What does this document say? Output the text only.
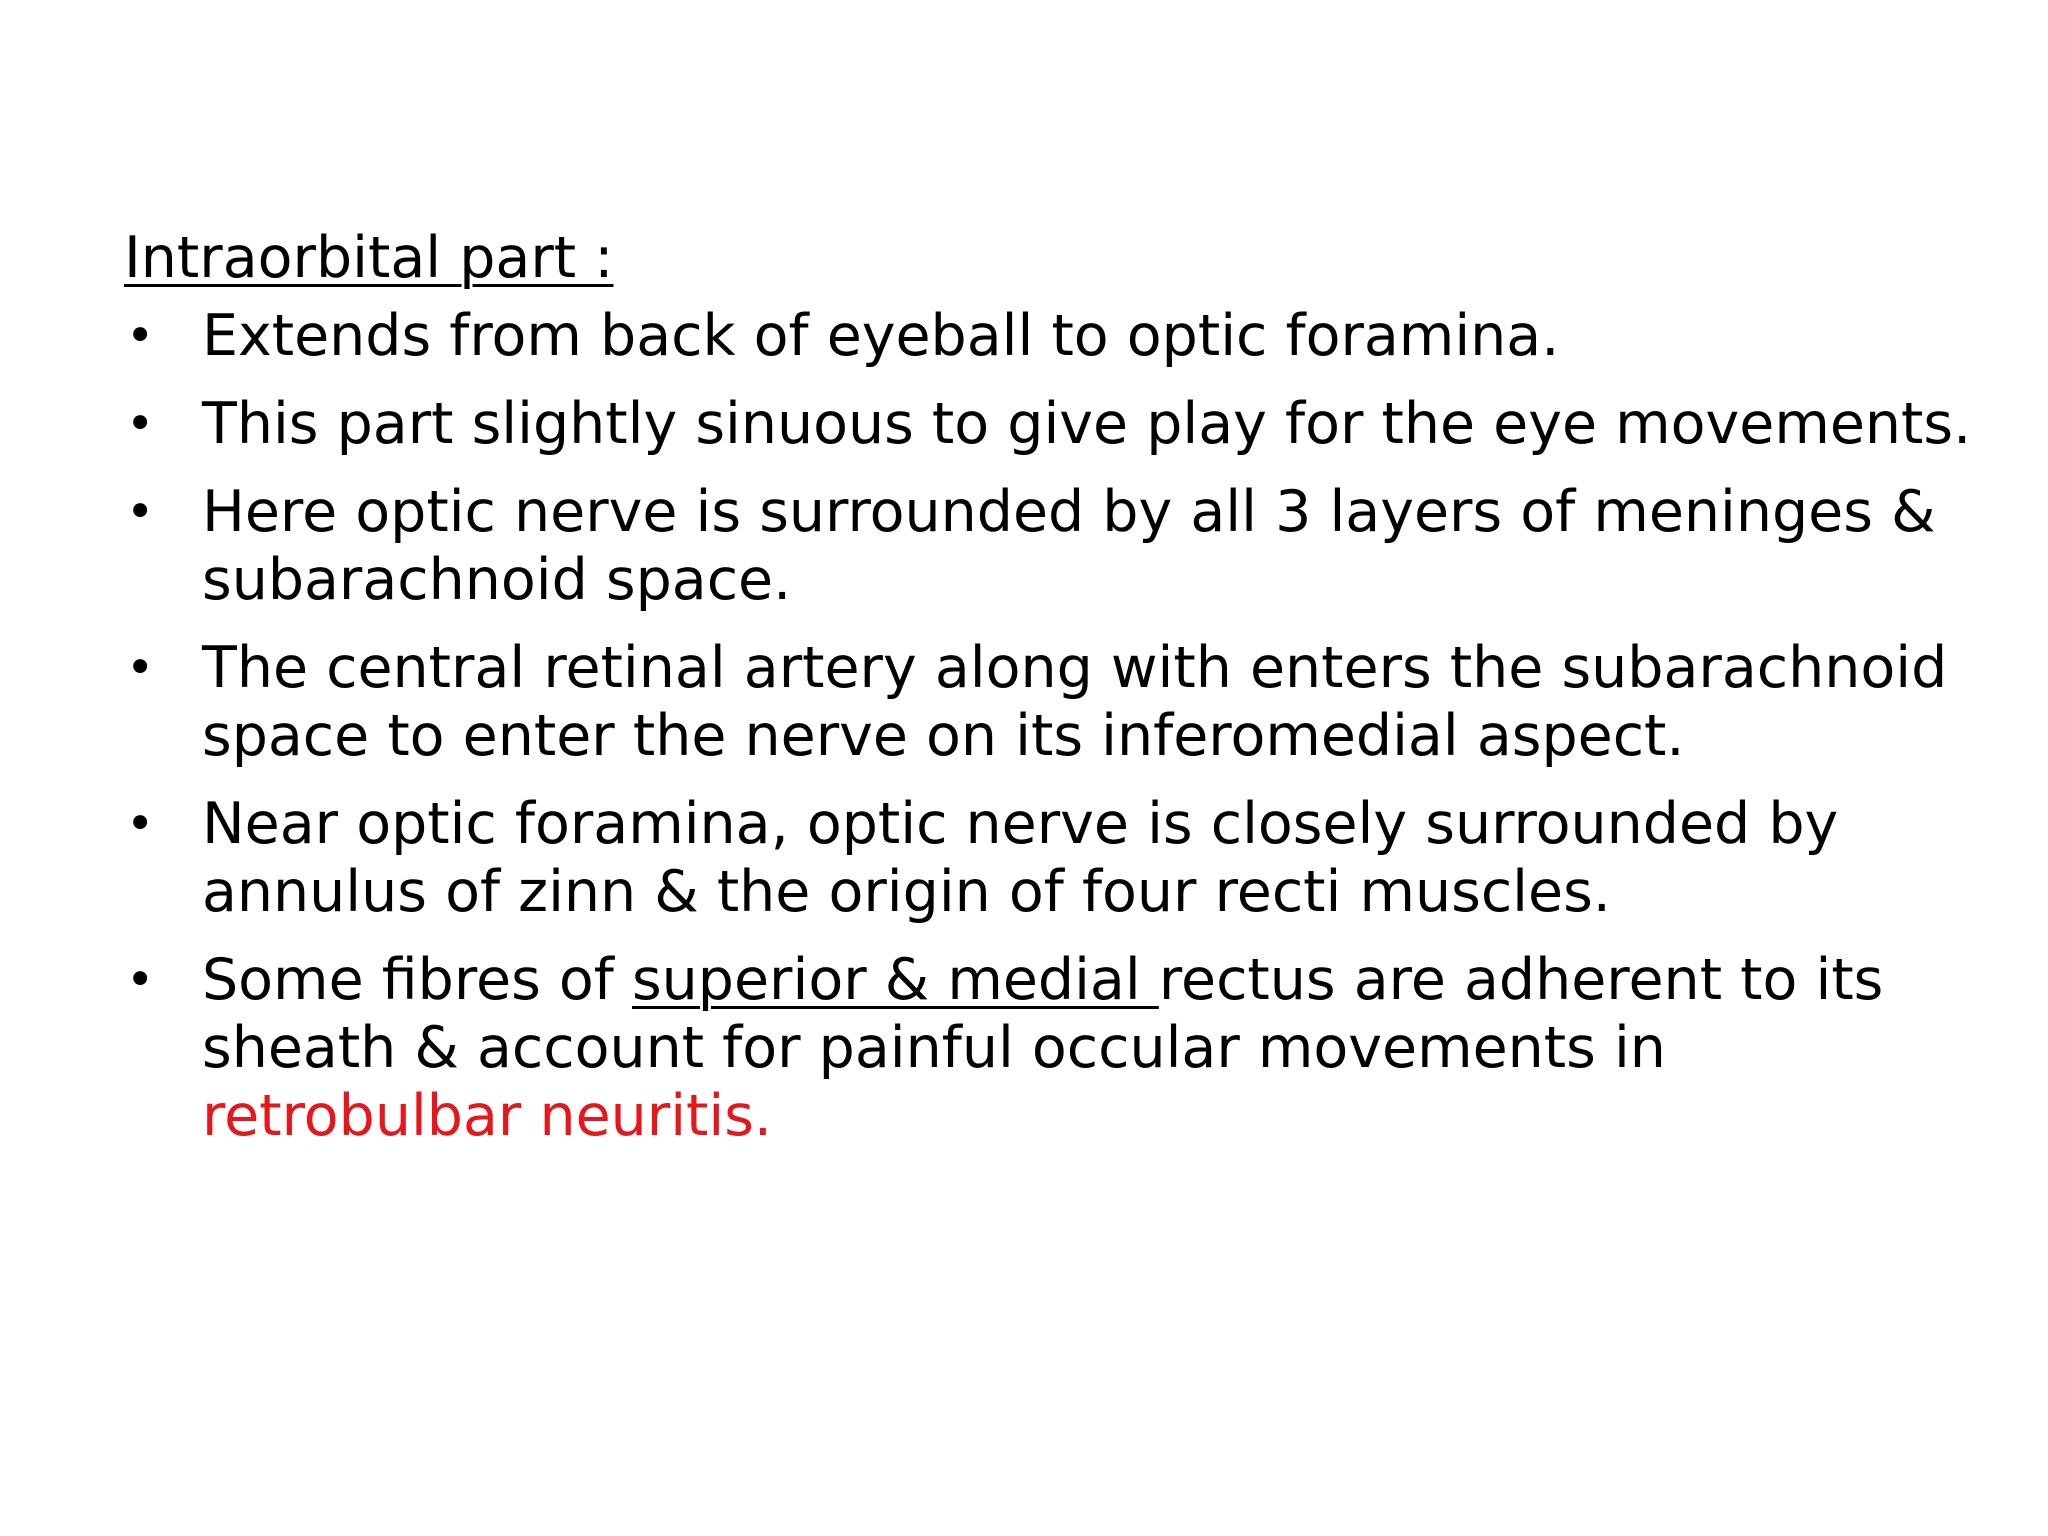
Intraorbital part :
• Extends from back of eyeball to optic foramina.
• This part slightly sinuous to give play for the eye movements.
• Here optic nerve is surrounded by all 3 layers of meninges & subarachnoid space.
• The central retinal artery along with enters the subarachnoid space to enter the nerve on its inferomedial aspect.
• Near optic foramina, optic nerve is closely surrounded by annulus of zinn & the origin of four recti muscles.
• Some fibres of superior & medial rectus are adherent to its sheath & account for painful occular movements in retrobulbar neuritis.
